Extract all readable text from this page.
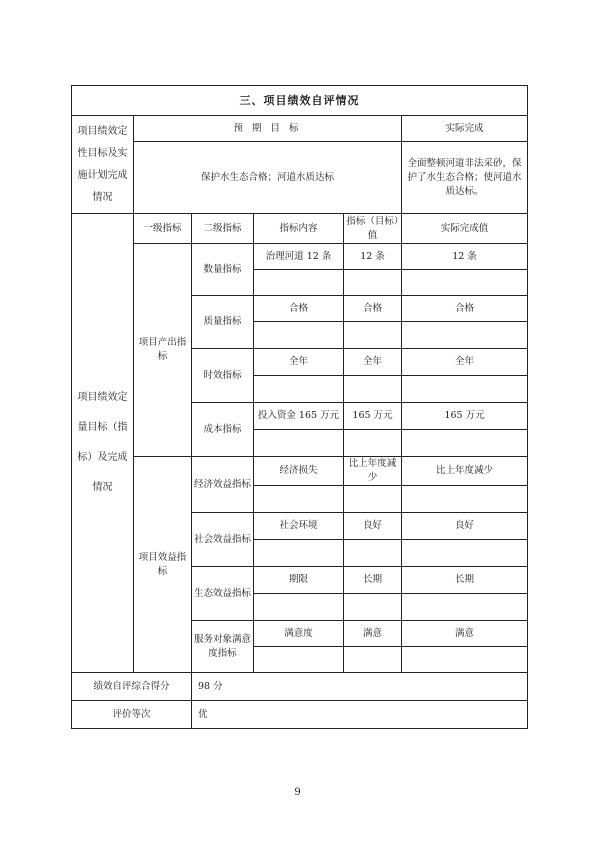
三、项目绩效自评情况					
项目绩效定性目标及实施计划完成情况	预 期 目 标				实际完成
	保护水生态合格；河道水质达标				全面整顿河道非法采砂，保护了水生态合格；使河道水质达标。
项目绩效定量目标（指标）及完成情况	一级指标	二级指标	指标内容	指标（目标）值	实际完成值
	项目产出指标	数量指标	治理河道 12 条	12 条	12 条

		质量指标	合格	合格	合格

		时效指标	全年	全年	全年

		成本指标	投入资金 165 万元	165 万元	165 万元

	项目效益指标	经济效益指标	经济损失	比上年度减少	比上年度减少

		社会效益指标	社会环境	良好	良好

		生态效益指标	期限	长期	长期

		服务对象满意度指标	满意度	满意	满意

绩效自评综合得分		98 分			
评价等次		优			
9
